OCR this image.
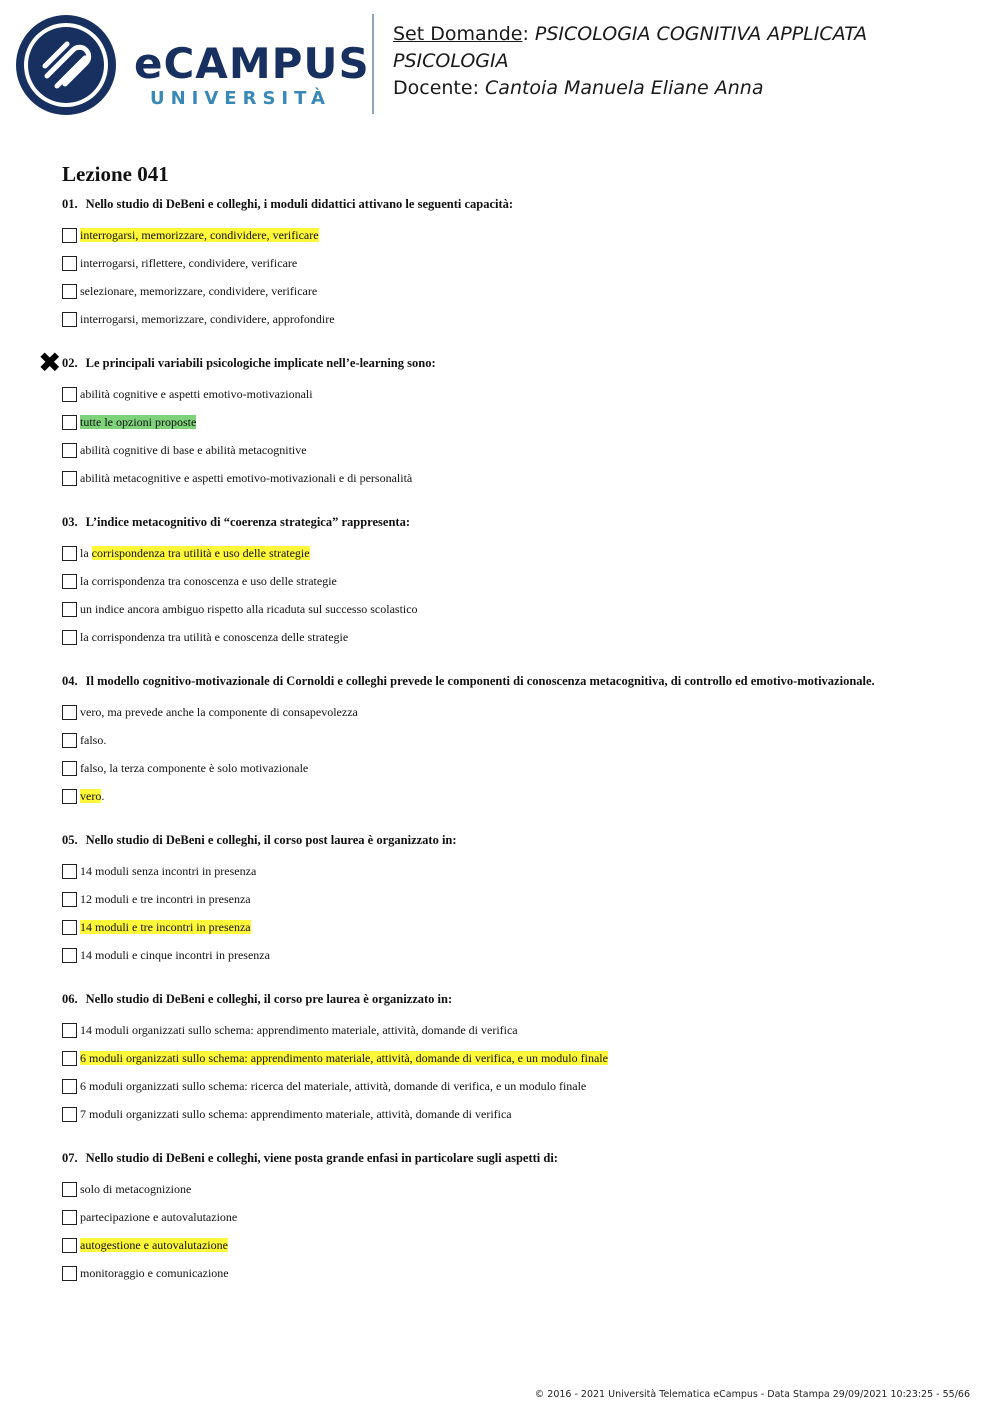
eCAMPUS
UNIVERSITÀ
Set Domande: PSICOLOGIA COGNITIVA APPLICATA
PSICOLOGIA
Docente: Cantoia Manuela Eliane Anna
Lezione 041
01. Nello studio di DeBeni e colleghi, i moduli didattici attivano le seguenti capacità:
interrogarsi, memorizzare, condividere, verificare
interrogarsi, riflettere, condividere, verificare
selezionare, memorizzare, condividere, verificare
interrogarsi, memorizzare, condividere, approfondire
✖ 02. Le principali variabili psicologiche implicate nell’e-learning sono:
abilità cognitive e aspetti emotivo-motivazionali
tutte le opzioni proposte
abilità cognitive di base e abilità metacognitive
abilità metacognitive e aspetti emotivo-motivazionali e di personalità
03. L’indice metacognitivo di “coerenza strategica” rappresenta:
la corrispondenza tra utilità e uso delle strategie
la corrispondenza tra conoscenza e uso delle strategie
un indice ancora ambiguo rispetto alla ricaduta sul successo scolastico
la corrispondenza tra utilità e conoscenza delle strategie
04. Il modello cognitivo-motivazionale di Cornoldi e colleghi prevede le componenti di conoscenza metacognitiva, di controllo ed emotivo-motivazionale.
vero, ma prevede anche la componente di consapevolezza
falso.
falso, la terza componente è solo motivazionale
vero.
05. Nello studio di DeBeni e colleghi, il corso post laurea è organizzato in:
14 moduli senza incontri in presenza
12 moduli e tre incontri in presenza
14 moduli e tre incontri in presenza
14 moduli e cinque incontri in presenza
06. Nello studio di DeBeni e colleghi, il corso pre laurea è organizzato in:
14 moduli organizzati sullo schema: apprendimento materiale, attività, domande di verifica
6 moduli organizzati sullo schema: apprendimento materiale, attività, domande di verifica, e un modulo finale
6 moduli organizzati sullo schema: ricerca del materiale, attività, domande di verifica, e un modulo finale
7 moduli organizzati sullo schema: apprendimento materiale, attività, domande di verifica
07. Nello studio di DeBeni e colleghi, viene posta grande enfasi in particolare sugli aspetti di:
solo di metacognizione
partecipazione e autovalutazione
autogestione e autovalutazione
monitoraggio e comunicazione
© 2016 - 2021 Università Telematica eCampus - Data Stampa 29/09/2021 10:23:25 - 55/66
